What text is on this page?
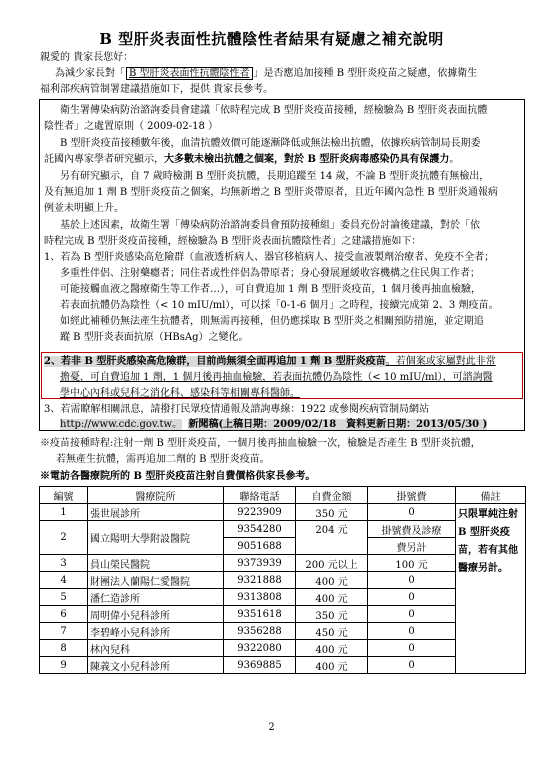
B 型肝炎表面性抗體陰性者結果有疑慮之補充說明
親愛的 貴家長您好：
為減少家長對「 B 型肝炎表面性抗體陰性者 」是否應追加接種 B 型肝炎疫苗之疑慮，依據衛生
福利部疾病管制署建議措施如下，提供 貴家長參考。
衛生署傳染病防治諮詢委員會建議「依時程完成 B 型肝炎疫苗接種，經檢驗為 B 型肝炎表面抗體
陰性者」之處置原則（ 2009-02-18 ）
B 型肝炎疫苗接種數年後，血清抗體效價可能逐漸降低或無法檢出抗體，依據疾病管制局長期委
託國內專家學者研究顯示，大多數未檢出抗體之個案，對於 B 型肝炎病毒感染仍具有保護力。
另有研究顯示，自 7 歲時檢測 B 型肝炎抗體，長期追蹤至 14 歲，不論 B 型肝炎抗體有無檢出，
及有無追加 1 劑 B 型肝炎疫苗之個案，均無新增之 B 型肝炎帶原者，且近年國內急性 B 型肝炎通報病
例並未明顯上升。
基於上述因素，故衛生署「傳染病防治諮詢委員會預防接種組」委員充份討論後建議，對於「依
時程完成 B 型肝炎疫苗接種，經檢驗為 B 型肝炎表面抗體陰性者」之建議措施如下：
1、若為 B 型肝炎感染高危險群（血液透析病人、器官移植病人、接受血液製劑治療者、免疫不全者；
多重性伴侶、注射藥癮者；同住者或性伴侶為帶原者；身心發展遲緩收容機構之住民與工作者；
可能接觸血液之醫療衛生等工作者…），可自費追加 1 劑 B 型肝炎疫苗，1 個月後再抽血檢驗，
若表面抗體仍為陰性（< 10 mIU/ml），可以採「0-1-6 個月」之時程，接續完成第 2、3 劑疫苗。
如經此補種仍無法產生抗體者，則無需再接種，但仍應採取 B 型肝炎之相關預防措施，並定期追
蹤 B 型肝炎表面抗原（HBsAg）之變化。
2、若非 B 型肝炎感染高危險群，目前尚無須全面再追加 1 劑 B 型肝炎疫苗。若個案或家屬對此非常
擔憂，可自費追加 1 劑，1 個月後再抽血檢驗，若表面抗體仍為陰性（< 10 mIU/ml），可諮詢醫
學中心內科或兒科之消化科、感染科等相關專科醫師。
3、若需瞭解相關訊息，請撥打民眾疫情通報及諮詢專線：1922 或參閱疾病管制局網站
http://www.cdc.gov.tw。 新聞稿(上稿日期：2009/02/18　資料更新日期：2013/05/30 )
※疫苗接種時程:注射一劑 B 型肝炎疫苗，一個月後再抽血檢驗一次，檢驗是否產生 B 型肝炎抗體，
若無產生抗體，需再追加二劑的 B 型肝炎疫苗。
※電訪各醫療院所的 B 型肝炎疫苗注射自費價格供家長參考。
編號	醫療院所	聯絡電話	自費金額	掛號費	備註
1	張世展診所	9223909	350 元	0	只限單純注射 B 型肝炎疫苗，若有其他醫療另計。
2	國立陽明大學附設醫院	9354280	204 元	掛號費及診療	
		9051688		費另計	
3	員山榮民醫院	9373939	200 元以上	100 元	
4	財團法人蘭陽仁愛醫院	9321888	400 元	0	
5	潘仁造診所	9313808	400 元	0	
6	周明偉小兒科診所	9351618	350 元	0	
7	李碧峰小兒科診所	9356288	450 元	0	
8	林內兒科	9322080	400 元	0	
9	陳義文小兒科診所	9369885	400 元	0	
2
